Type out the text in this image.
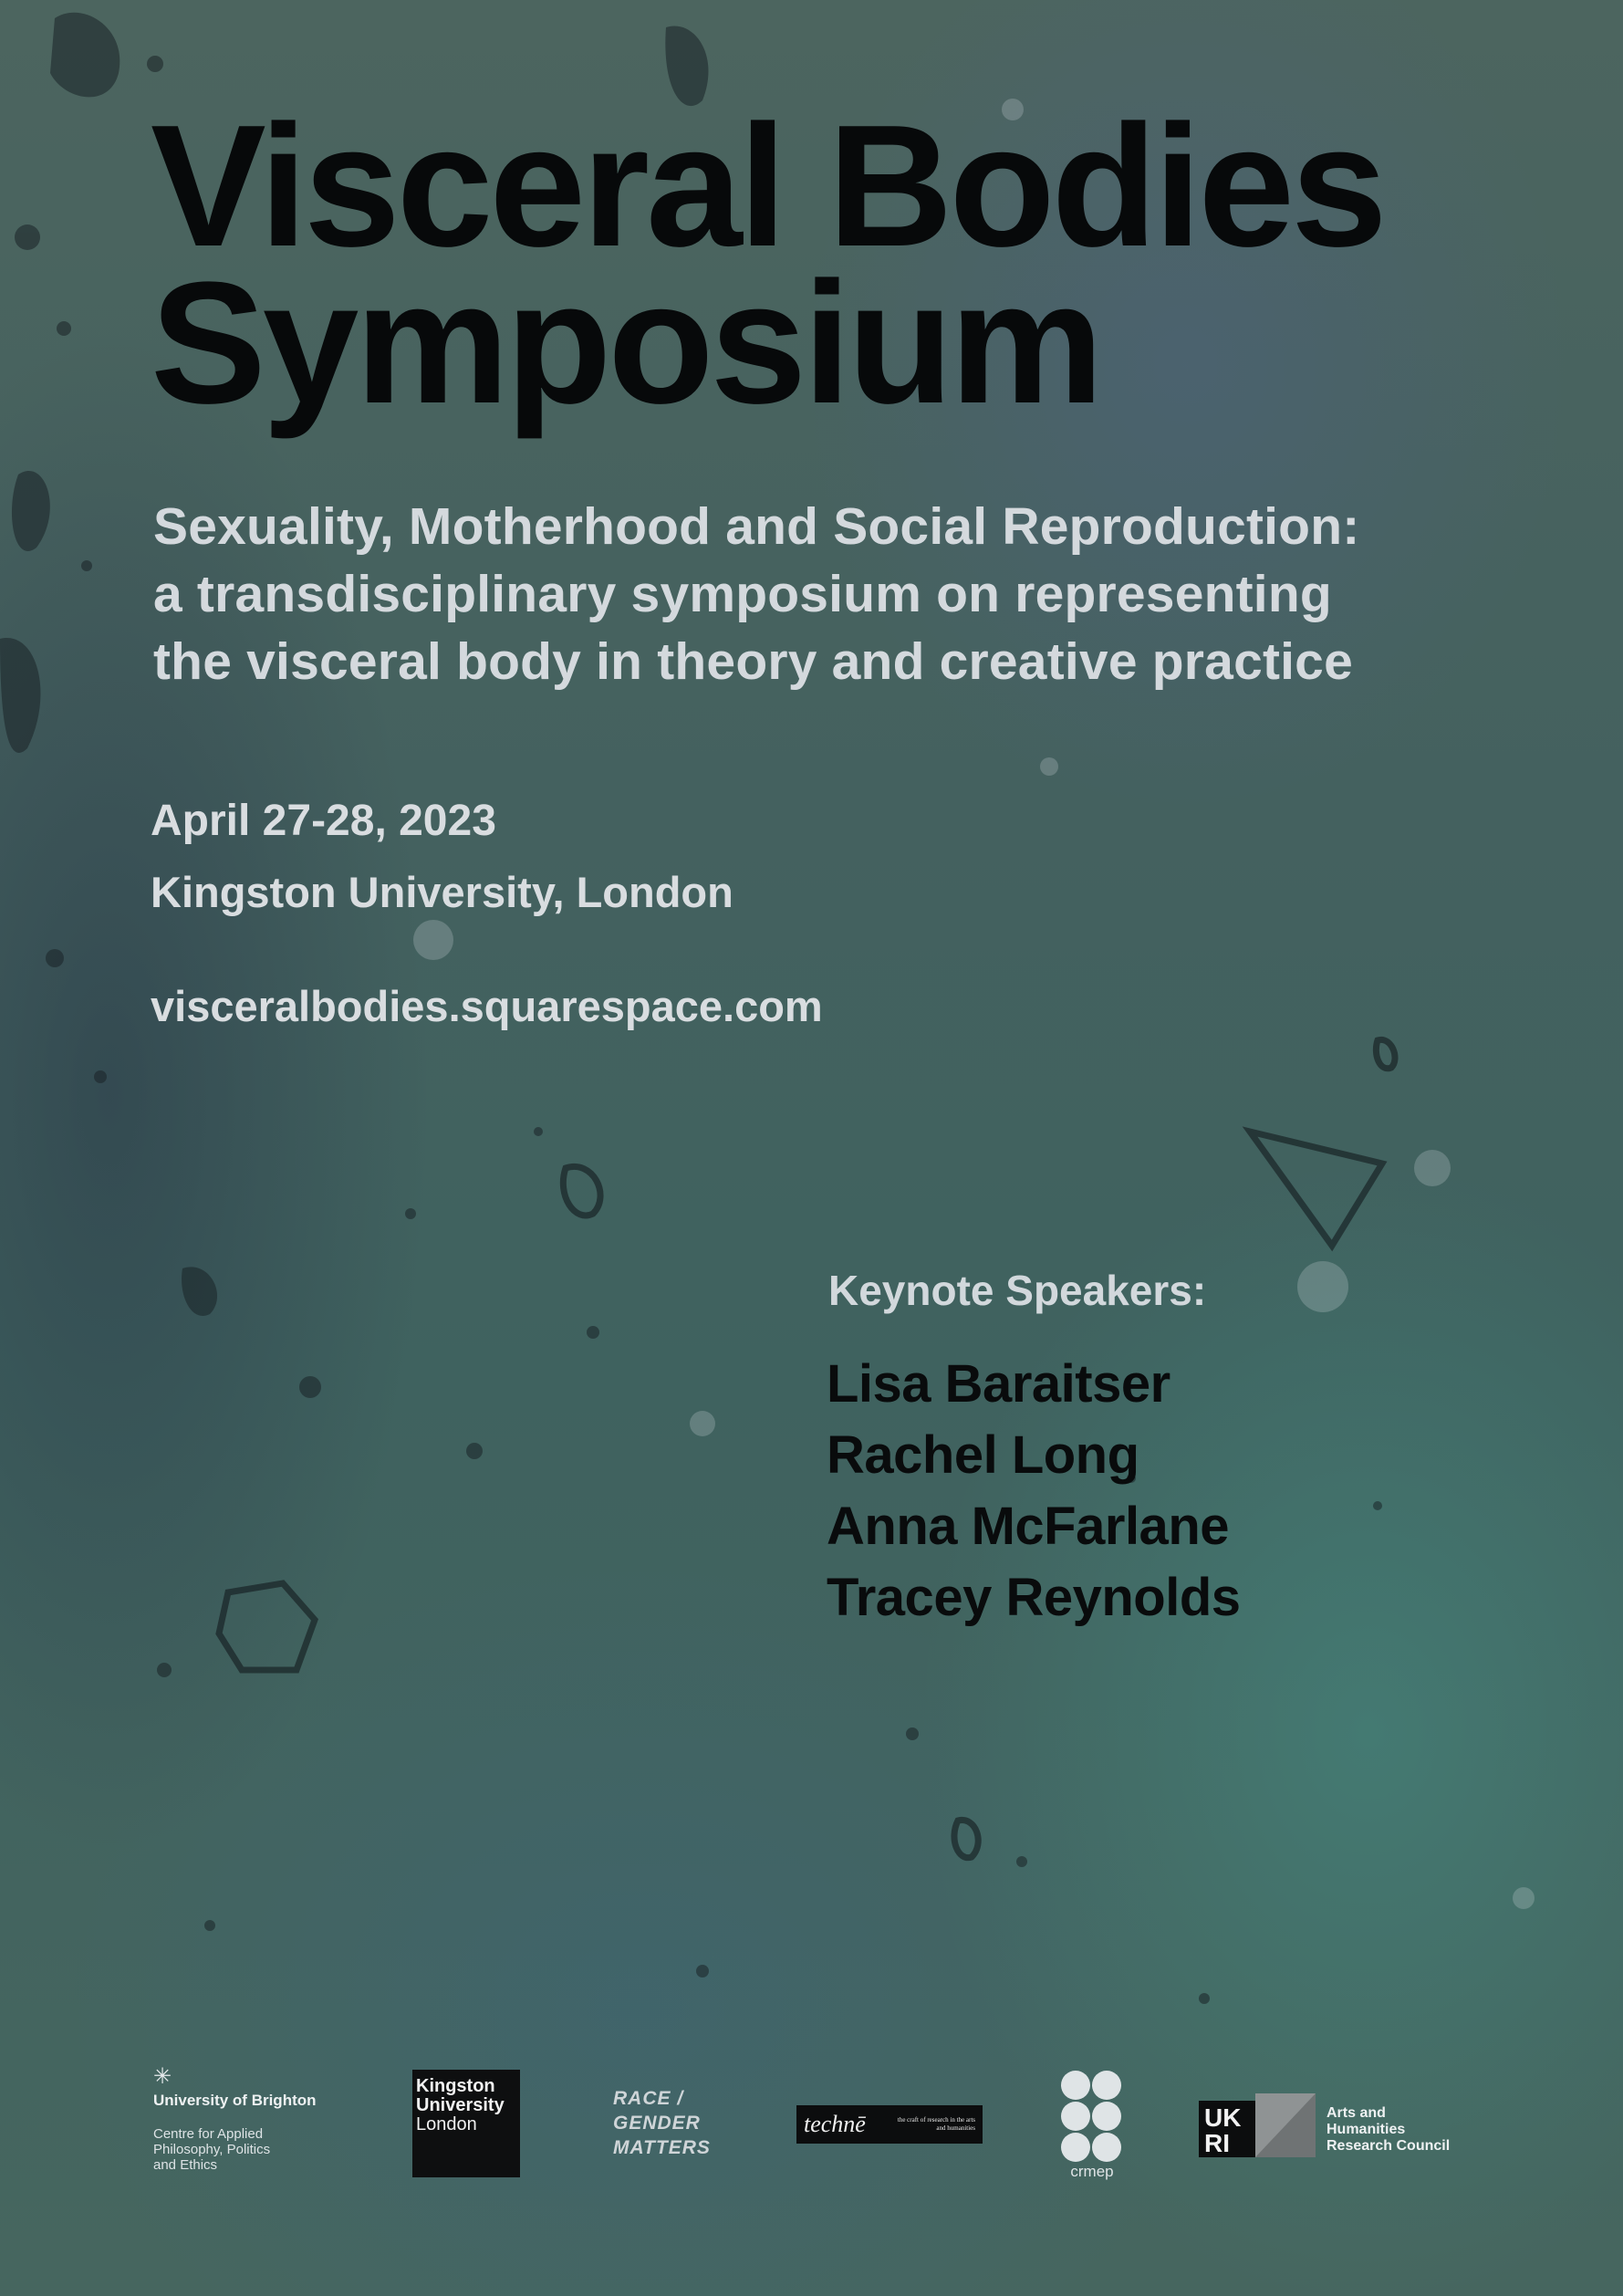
Visceral Bodies
Symposium

Sexuality, Motherhood and Social Reproduction:
a transdisciplinary symposium on representing
the visceral body in theory and creative practice

April 27-28, 2023

Kingston University, London

visceralbodies.squarespace.com

Keynote Speakers:

Lisa Baraitser
Rachel Long
Anna McFarlane
Tracey Reynolds
✳
University of Brighton
Centre for Applied
Philosophy, Politics
and Ethics
Kingston
University
London
RACE /
GENDER
MATTERS
technē	the craft of research in the arts and humanities
crmep
UK
RI
Arts and
Humanities
Research Council
